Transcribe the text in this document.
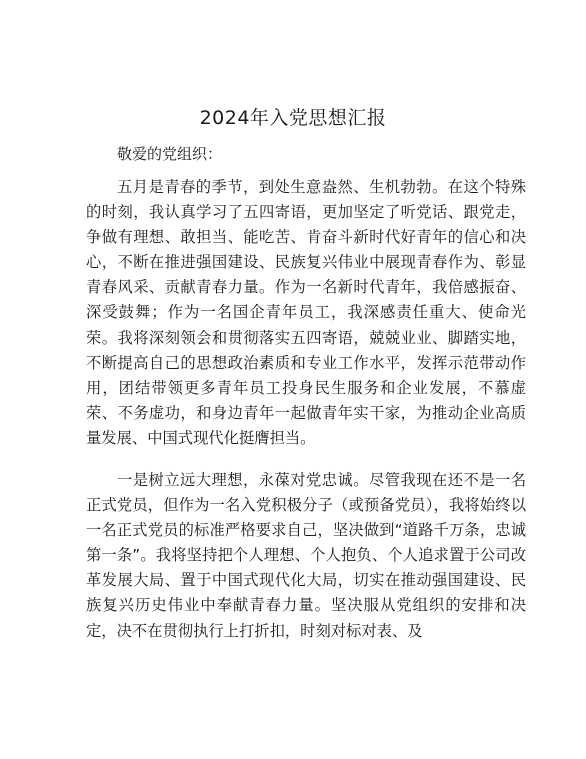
2024年入党思想汇报
敬爱的党组织：

五月是青春的季节，到处生意盎然、生机勃勃。在这个特殊的时刻，我认真学习了五四寄语，更加坚定了听党话、跟党走，争做有理想、敢担当、能吃苦、肯奋斗新时代好青年的信心和决心，不断在推进强国建设、民族复兴伟业中展现青春作为、彰显青春风采、贡献青春力量。作为一名新时代青年，我倍感振奋、深受鼓舞；作为一名国企青年员工，我深感责任重大、使命光荣。我将深刻领会和贯彻落实五四寄语，兢兢业业、脚踏实地，不断提高自己的思想政治素质和专业工作水平，发挥示范带动作用，团结带领更多青年员工投身民生服务和企业发展，不慕虚荣、不务虚功，和身边青年一起做青年实干家，为推动企业高质量发展、中国式现代化挺膺担当。

一是树立远大理想，永葆对党忠诚。尽管我现在还不是一名正式党员，但作为一名入党积极分子（或预备党员），我将始终以一名正式党员的标准严格要求自己，坚决做到“道路千万条，忠诚第一条”。我将坚持把个人理想、个人抱负、个人追求置于公司改革发展大局、置于中国式现代化大局，切实在推动强国建设、民族复兴历史伟业中奉献青春力量。坚决服从党组织的安排和决定，决不在贯彻执行上打折扣，时刻对标对表、及
